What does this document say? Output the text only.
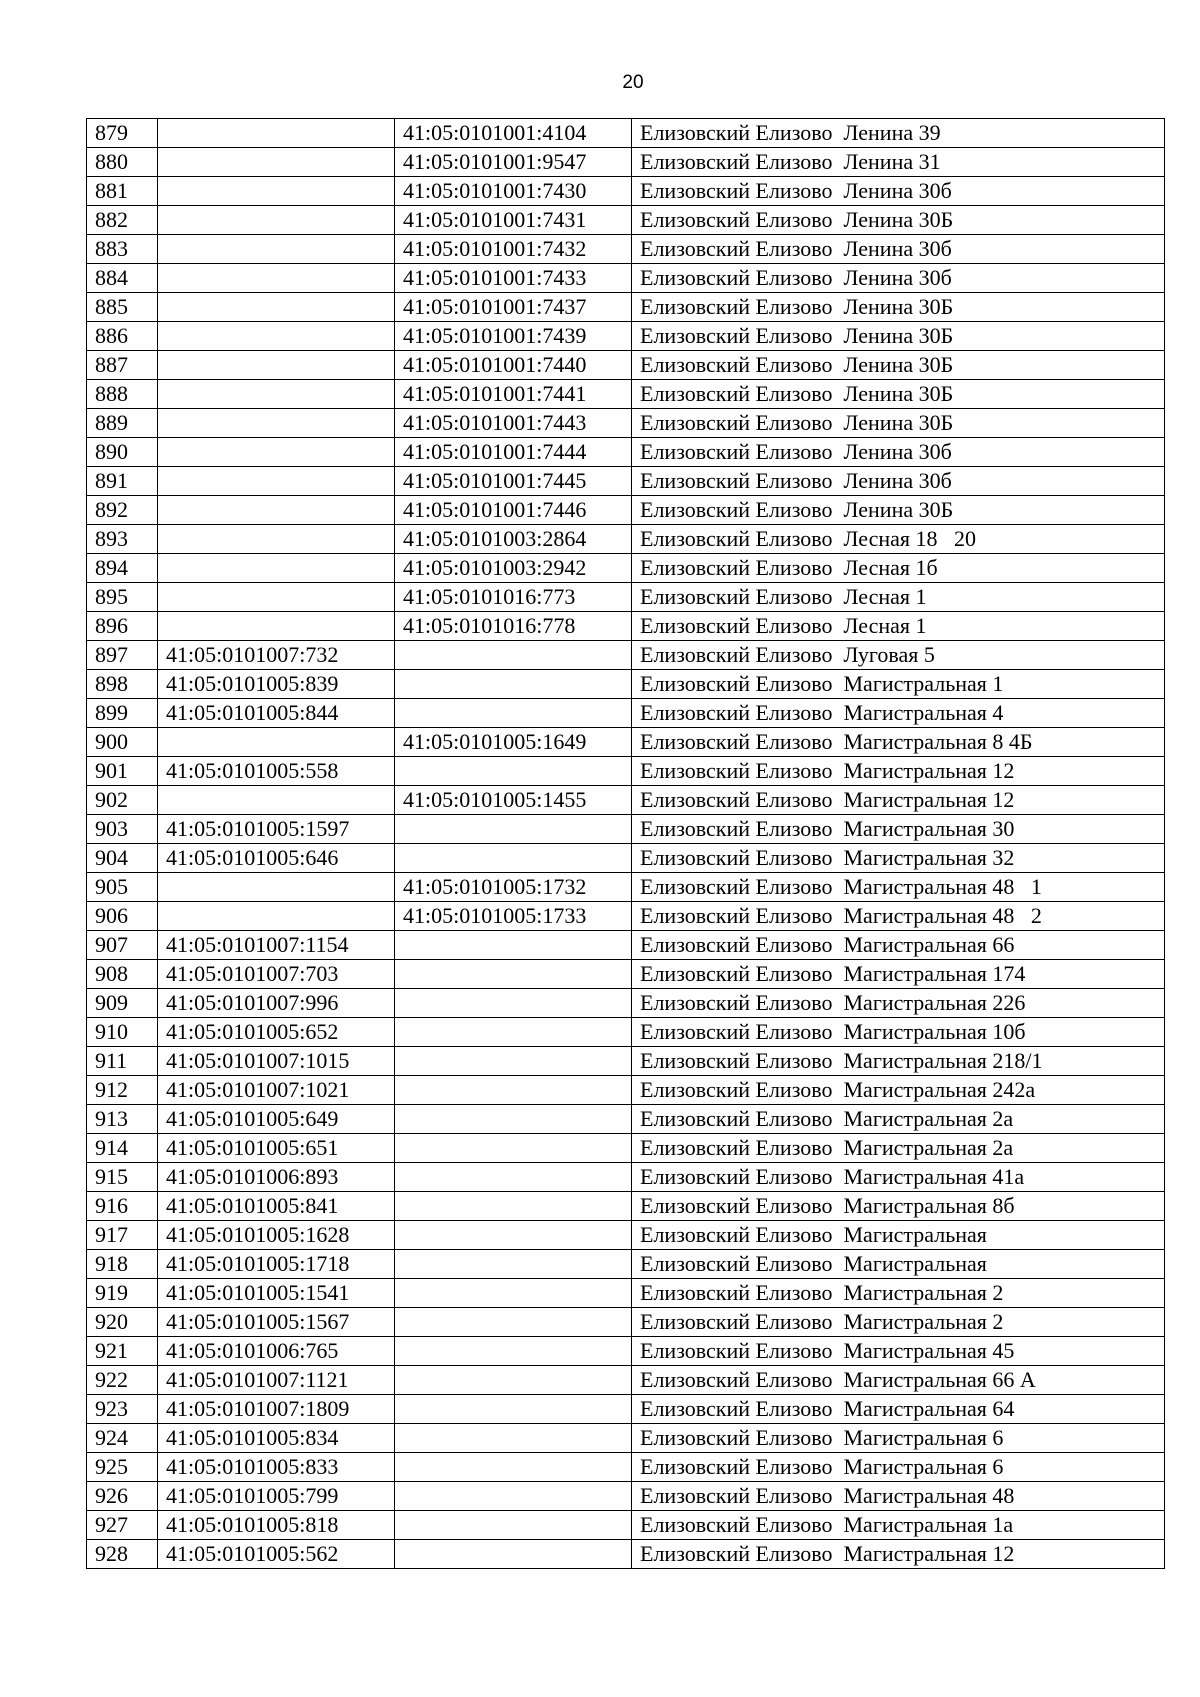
20
879		41:05:0101001:4104	Елизовский Елизово  Ленина 39
880		41:05:0101001:9547	Елизовский Елизово  Ленина 31
881		41:05:0101001:7430	Елизовский Елизово  Ленина 30б
882		41:05:0101001:7431	Елизовский Елизово  Ленина 30Б
883		41:05:0101001:7432	Елизовский Елизово  Ленина 30б
884		41:05:0101001:7433	Елизовский Елизово  Ленина 30б
885		41:05:0101001:7437	Елизовский Елизово  Ленина 30Б
886		41:05:0101001:7439	Елизовский Елизово  Ленина 30Б
887		41:05:0101001:7440	Елизовский Елизово  Ленина 30Б
888		41:05:0101001:7441	Елизовский Елизово  Ленина 30Б
889		41:05:0101001:7443	Елизовский Елизово  Ленина 30Б
890		41:05:0101001:7444	Елизовский Елизово  Ленина 30б
891		41:05:0101001:7445	Елизовский Елизово  Ленина 30б
892		41:05:0101001:7446	Елизовский Елизово  Ленина 30Б
893		41:05:0101003:2864	Елизовский Елизово  Лесная 18   20
894		41:05:0101003:2942	Елизовский Елизово  Лесная 1б
895		41:05:0101016:773	Елизовский Елизово  Лесная 1
896		41:05:0101016:778	Елизовский Елизово  Лесная 1
897	41:05:0101007:732		Елизовский Елизово  Луговая 5
898	41:05:0101005:839		Елизовский Елизово  Магистральная 1
899	41:05:0101005:844		Елизовский Елизово  Магистральная 4
900		41:05:0101005:1649	Елизовский Елизово  Магистральная 8 4Б
901	41:05:0101005:558		Елизовский Елизово  Магистральная 12
902		41:05:0101005:1455	Елизовский Елизово  Магистральная 12
903	41:05:0101005:1597		Елизовский Елизово  Магистральная 30
904	41:05:0101005:646		Елизовский Елизово  Магистральная 32
905		41:05:0101005:1732	Елизовский Елизово  Магистральная 48   1
906		41:05:0101005:1733	Елизовский Елизово  Магистральная 48   2
907	41:05:0101007:1154		Елизовский Елизово  Магистральная 66
908	41:05:0101007:703		Елизовский Елизово  Магистральная 174
909	41:05:0101007:996		Елизовский Елизово  Магистральная 226
910	41:05:0101005:652		Елизовский Елизово  Магистральная 10б
911	41:05:0101007:1015		Елизовский Елизово  Магистральная 218/1
912	41:05:0101007:1021		Елизовский Елизово  Магистральная 242а
913	41:05:0101005:649		Елизовский Елизово  Магистральная 2а
914	41:05:0101005:651		Елизовский Елизово  Магистральная 2а
915	41:05:0101006:893		Елизовский Елизово  Магистральная 41а
916	41:05:0101005:841		Елизовский Елизово  Магистральная 8б
917	41:05:0101005:1628		Елизовский Елизово  Магистральная
918	41:05:0101005:1718		Елизовский Елизово  Магистральная
919	41:05:0101005:1541		Елизовский Елизово  Магистральная 2
920	41:05:0101005:1567		Елизовский Елизово  Магистральная 2
921	41:05:0101006:765		Елизовский Елизово  Магистральная 45
922	41:05:0101007:1121		Елизовский Елизово  Магистральная 66 А
923	41:05:0101007:1809		Елизовский Елизово  Магистральная 64
924	41:05:0101005:834		Елизовский Елизово  Магистральная 6
925	41:05:0101005:833		Елизовский Елизово  Магистральная 6
926	41:05:0101005:799		Елизовский Елизово  Магистральная 48
927	41:05:0101005:818		Елизовский Елизово  Магистральная 1а
928	41:05:0101005:562		Елизовский Елизово  Магистральная 12
